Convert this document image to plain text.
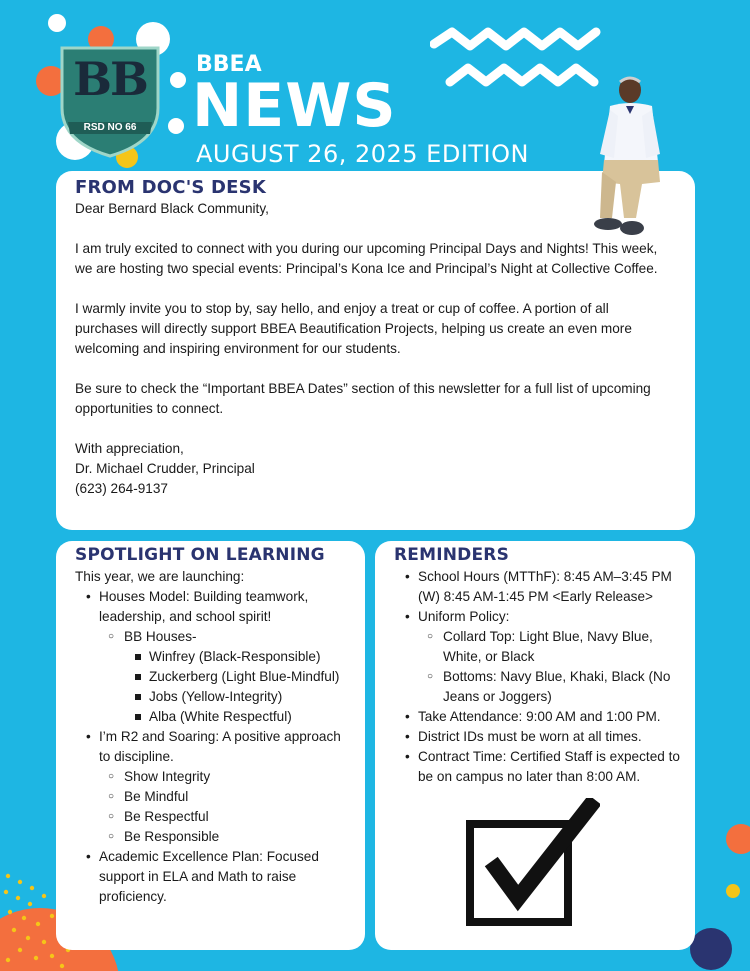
BB
RSD NO 66
BBEA
NEWS
AUGUST 26, 2025 EDITION
FROM DOC'S DESK
Dear Bernard Black Community,
I am truly excited to connect with you during our upcoming Principal Days and Nights! This week, we are hosting two special events: Principal’s Kona Ice and Principal’s Night at Collective Coffee.
I warmly invite you to stop by, say hello, and enjoy a treat or cup of coffee. A portion of all purchases will directly support BBEA Beautification Projects, helping us create an even more welcoming and inspiring environment for our students.
Be sure to check the “Important BBEA Dates” section of this newsletter for a full list of upcoming opportunities to connect.
With appreciation,
Dr. Michael Crudder, Principal
(623) 264-9137
SPOTLIGHT ON LEARNING
This year, we are launching:
• Houses Model: Building teamwork, leadership, and school spirit!
○ BB Houses-
Winfrey (Black-Responsible)
Zuckerberg (Light Blue-Mindful)
Jobs (Yellow-Integrity)
Alba (White Respectful)
• I’m R2 and Soaring: A positive approach to discipline.
○ Show Integrity
○ Be Mindful
○ Be Respectful
○ Be Responsible
• Academic Excellence Plan: Focused support in ELA and Math to raise proficiency.
REMINDERS
• School Hours (MTThF): 8:45 AM–3:45 PM (W) 8:45 AM-1:45 PM <Early Release>
• Uniform Policy:
○ Collard Top: Light Blue, Navy Blue, White, or Black
○ Bottoms: Navy Blue, Khaki, Black (No Jeans or Joggers)
• Take Attendance: 9:00 AM and 1:00 PM.
• District IDs must be worn at all times.
• Contract Time: Certified Staff is expected to be on campus no later than 8:00 AM.
